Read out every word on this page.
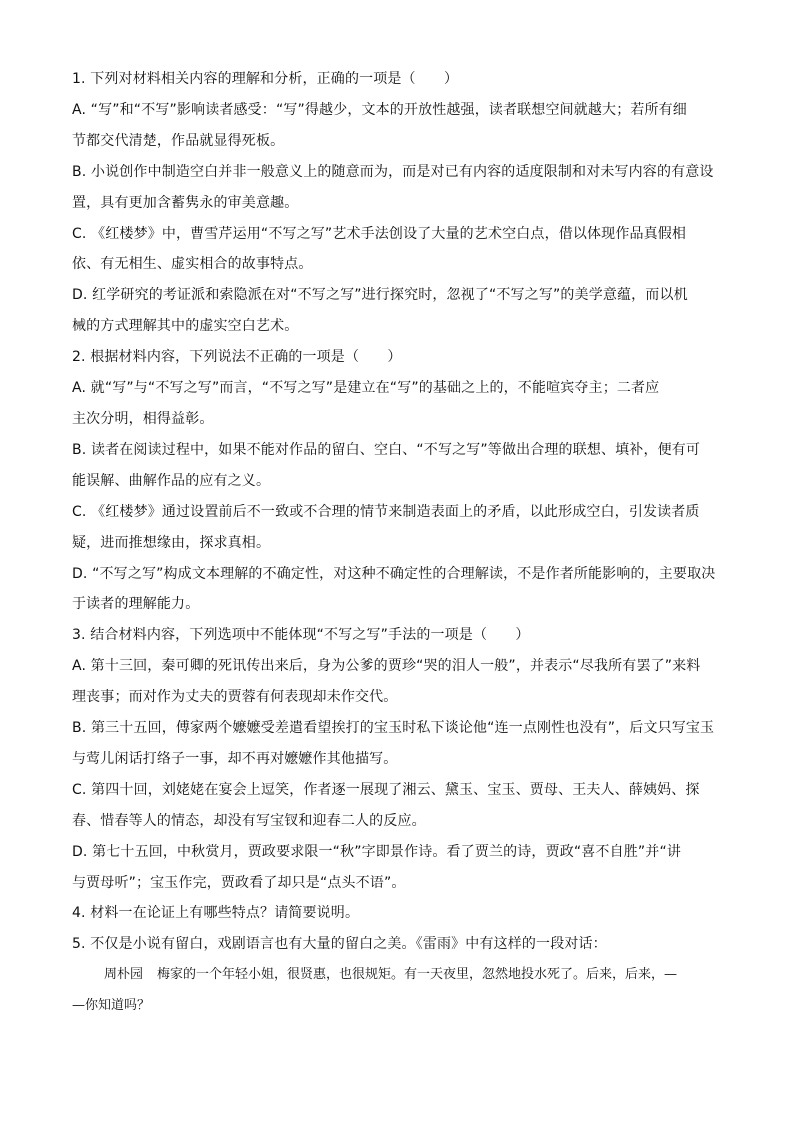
1. 下列对材料相关内容的理解和分析，正确的一项是（　　）
A. “写”和“不写”影响读者感受：“写”得越少，文本的开放性越强，读者联想空间就越大；若所有细
节都交代清楚，作品就显得死板。
B. 小说创作中制造空白并非一般意义上的随意而为，而是对已有内容的适度限制和对未写内容的有意设
置，具有更加含蓄隽永的审美意趣。
C. 《红楼梦》中，曹雪芹运用“不写之写”艺术手法创设了大量的艺术空白点，借以体现作品真假相
依、有无相生、虚实相合的故事特点。
D. 红学研究的考证派和索隐派在对“不写之写”进行探究时，忽视了“不写之写”的美学意蕴，而以机
械的方式理解其中的虚实空白艺术。
2. 根据材料内容，下列说法不正确的一项是（　　）
A. 就“写”与“不写之写”而言，“不写之写”是建立在“写”的基础之上的，不能喧宾夺主；二者应
主次分明，相得益彰。
B. 读者在阅读过程中，如果不能对作品的留白、空白、“不写之写”等做出合理的联想、填补，便有可
能误解、曲解作品的应有之义。
C. 《红楼梦》通过设置前后不一致或不合理的情节来制造表面上的矛盾，以此形成空白，引发读者质
疑，进而推想缘由，探求真相。
D. “不写之写”构成文本理解的不确定性，对这种不确定性的合理解读，不是作者所能影响的，主要取决
于读者的理解能力。
3. 结合材料内容，下列选项中不能体现“不写之写”手法的一项是（　　）
A. 第十三回，秦可卿的死讯传出来后，身为公爹的贾珍“哭的泪人一般”，并表示“尽我所有罢了”来料
理丧事；而对作为丈夫的贾蓉有何表现却未作交代。
B. 第三十五回，傅家两个嬷嬷受差遣看望挨打的宝玉时私下谈论他“连一点刚性也没有”，后文只写宝玉
与莺儿闲话打络子一事，却不再对嬷嬷作其他描写。
C. 第四十回，刘姥姥在宴会上逗笑，作者逐一展现了湘云、黛玉、宝玉、贾母、王夫人、薛姨妈、探
春、惜春等人的情态，却没有写宝钗和迎春二人的反应。
D. 第七十五回，中秋赏月，贾政要求限一“秋”字即景作诗。看了贾兰的诗，贾政“喜不自胜”并“讲
与贾母听”；宝玉作完，贾政看了却只是“点头不语”。
4. 材料一在论证上有哪些特点？请简要说明。
5. 不仅是小说有留白，戏剧语言也有大量的留白之美。《雷雨》中有这样的一段对话：
周朴园 梅家的一个年轻小姐，很贤惠，也很规矩。有一天夜里，忽然地投水死了。后来，后来，—
—你知道吗？
